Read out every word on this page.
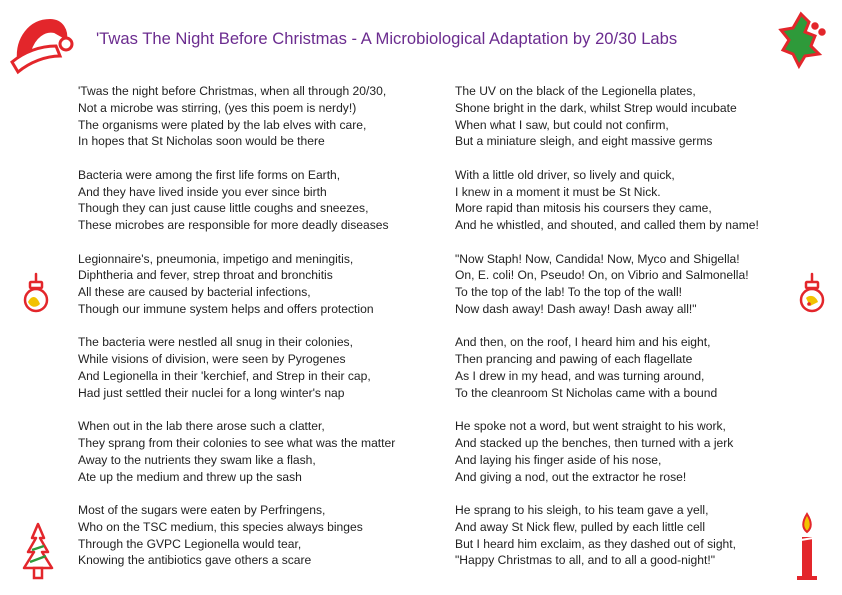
'Twas The Night Before Christmas - A Microbiological Adaptation by 20/30 Labs
'Twas the night before Christmas, when all through 20/30,
Not a microbe was stirring, (yes this poem is nerdy!)
The organisms were plated by the lab elves with care,
In hopes that St Nicholas soon would be there
Bacteria were among the first life forms on Earth,
And they have lived inside you ever since birth
Though they can just cause little coughs and sneezes,
These microbes are responsible for more deadly diseases
Legionnaire's, pneumonia, impetigo and meningitis,
Diphtheria and fever, strep throat and bronchitis
All these are caused by bacterial infections,
Though our immune system helps and offers protection
The bacteria were nestled all snug in their colonies,
While visions of division, were seen by Pyrogenes
And Legionella in their 'kerchief, and Strep in their cap,
Had just settled their nuclei for a long winter's nap
When out in the lab there arose such a clatter,
They sprang from their colonies to see what was the matter
Away to the nutrients they swam like a flash,
Ate up the medium and threw up the sash
Most of the sugars were eaten by Perfringens,
Who on the TSC medium, this species always binges
Through the GVPC Legionella would tear,
Knowing the antibiotics gave others a scare
The UV on the black of the Legionella plates,
Shone bright in the dark, whilst Strep would incubate
When what I saw, but could not confirm,
But a miniature sleigh, and eight massive germs
With a little old driver, so lively and quick,
I knew in a moment it must be St Nick.
More rapid than mitosis his coursers they came,
And he whistled, and shouted, and called them by name!
"Now Staph! Now, Candida! Now, Myco and Shigella!
On, E. coli! On, Pseudo! On, on Vibrio and Salmonella!
To the top of the lab! To the top of the wall!
Now dash away! Dash away! Dash away all!"
And then, on the roof, I heard him and his eight,
Then prancing and pawing of each flagellate
As I drew in my head, and was turning around,
To the cleanroom St Nicholas came with a bound
He spoke not a word, but went straight to his work,
And stacked up the benches, then turned with a jerk
And laying his finger aside of his nose,
And giving a nod, out the extractor he rose!
He sprang to his sleigh, to his team gave a yell,
And away St Nick flew, pulled by each little cell
But I heard him exclaim, as they dashed out of sight,
"Happy Christmas to all, and to all a good-night!"
